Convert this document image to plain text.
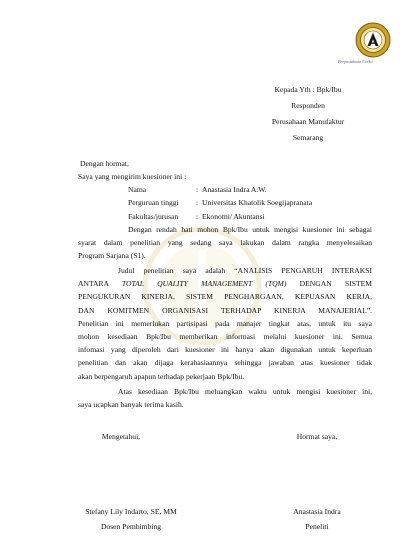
Perpustakaan Unika
Kepada Yth : Bpk/Ibu
Responden
Perusahaan Manufaktur
Semarang
Dengan hormat,
Saya yang mengirim kuesioner ini :
Nama	: Anastasia Indra A.W.
Perguruan tinggi : Universitas Khatolik Soegijapranata
Fakultas/jurusan : Ekonomi/ Akuntansi
Dengan rendah hati mohon Bpk/Ibu untuk mengisi kuesioner ini sebagai
syarat dalam penelitian yang sedang saya lakukan dalam rangka menyelesaikan
Program Sarjana (S1).
Judul penelitian saya adalah “ANALISIS PENGARUH INTERAKSI
ANTARA TOTAL QUALITY MANAGEMENT (TQM) DENGAN SISTEM
PENGUKURAN KINERJA, SISTEM PENGHARGAAN, KEPUASAN KERJA,
DAN KOMITMEN ORGANISASI TERHADAP KINERJA MANAJERIAL”.
Penelitian ini memerlukan partisipasi pada manajer tingkat atas, untuk itu saya
mohon kesediaan Bpk/Ibu memberikan informasi melalui kuesioner ini. Semua
infomasi yang diperoleh dari kuesioner ini hanya akan digunakan untuk keperluan
penelitian dan akan dijaga kerahasiaannya sehingga jawaban atas kuesioner tidak
akan berpengaruh apapun terhadap pekerjaan Bpk/Ibu.
Atas kesediaan Bpk/Ibu meluangkan waktu untuk mengisi kuesioner ini,
saya ucapkan banyak terima kasih.
Mengetahui,	Hormat saya,
Stefany Lily Indarto, SE, MM
Dosen Pembimbing
Anastasia Indra
Peneliti
